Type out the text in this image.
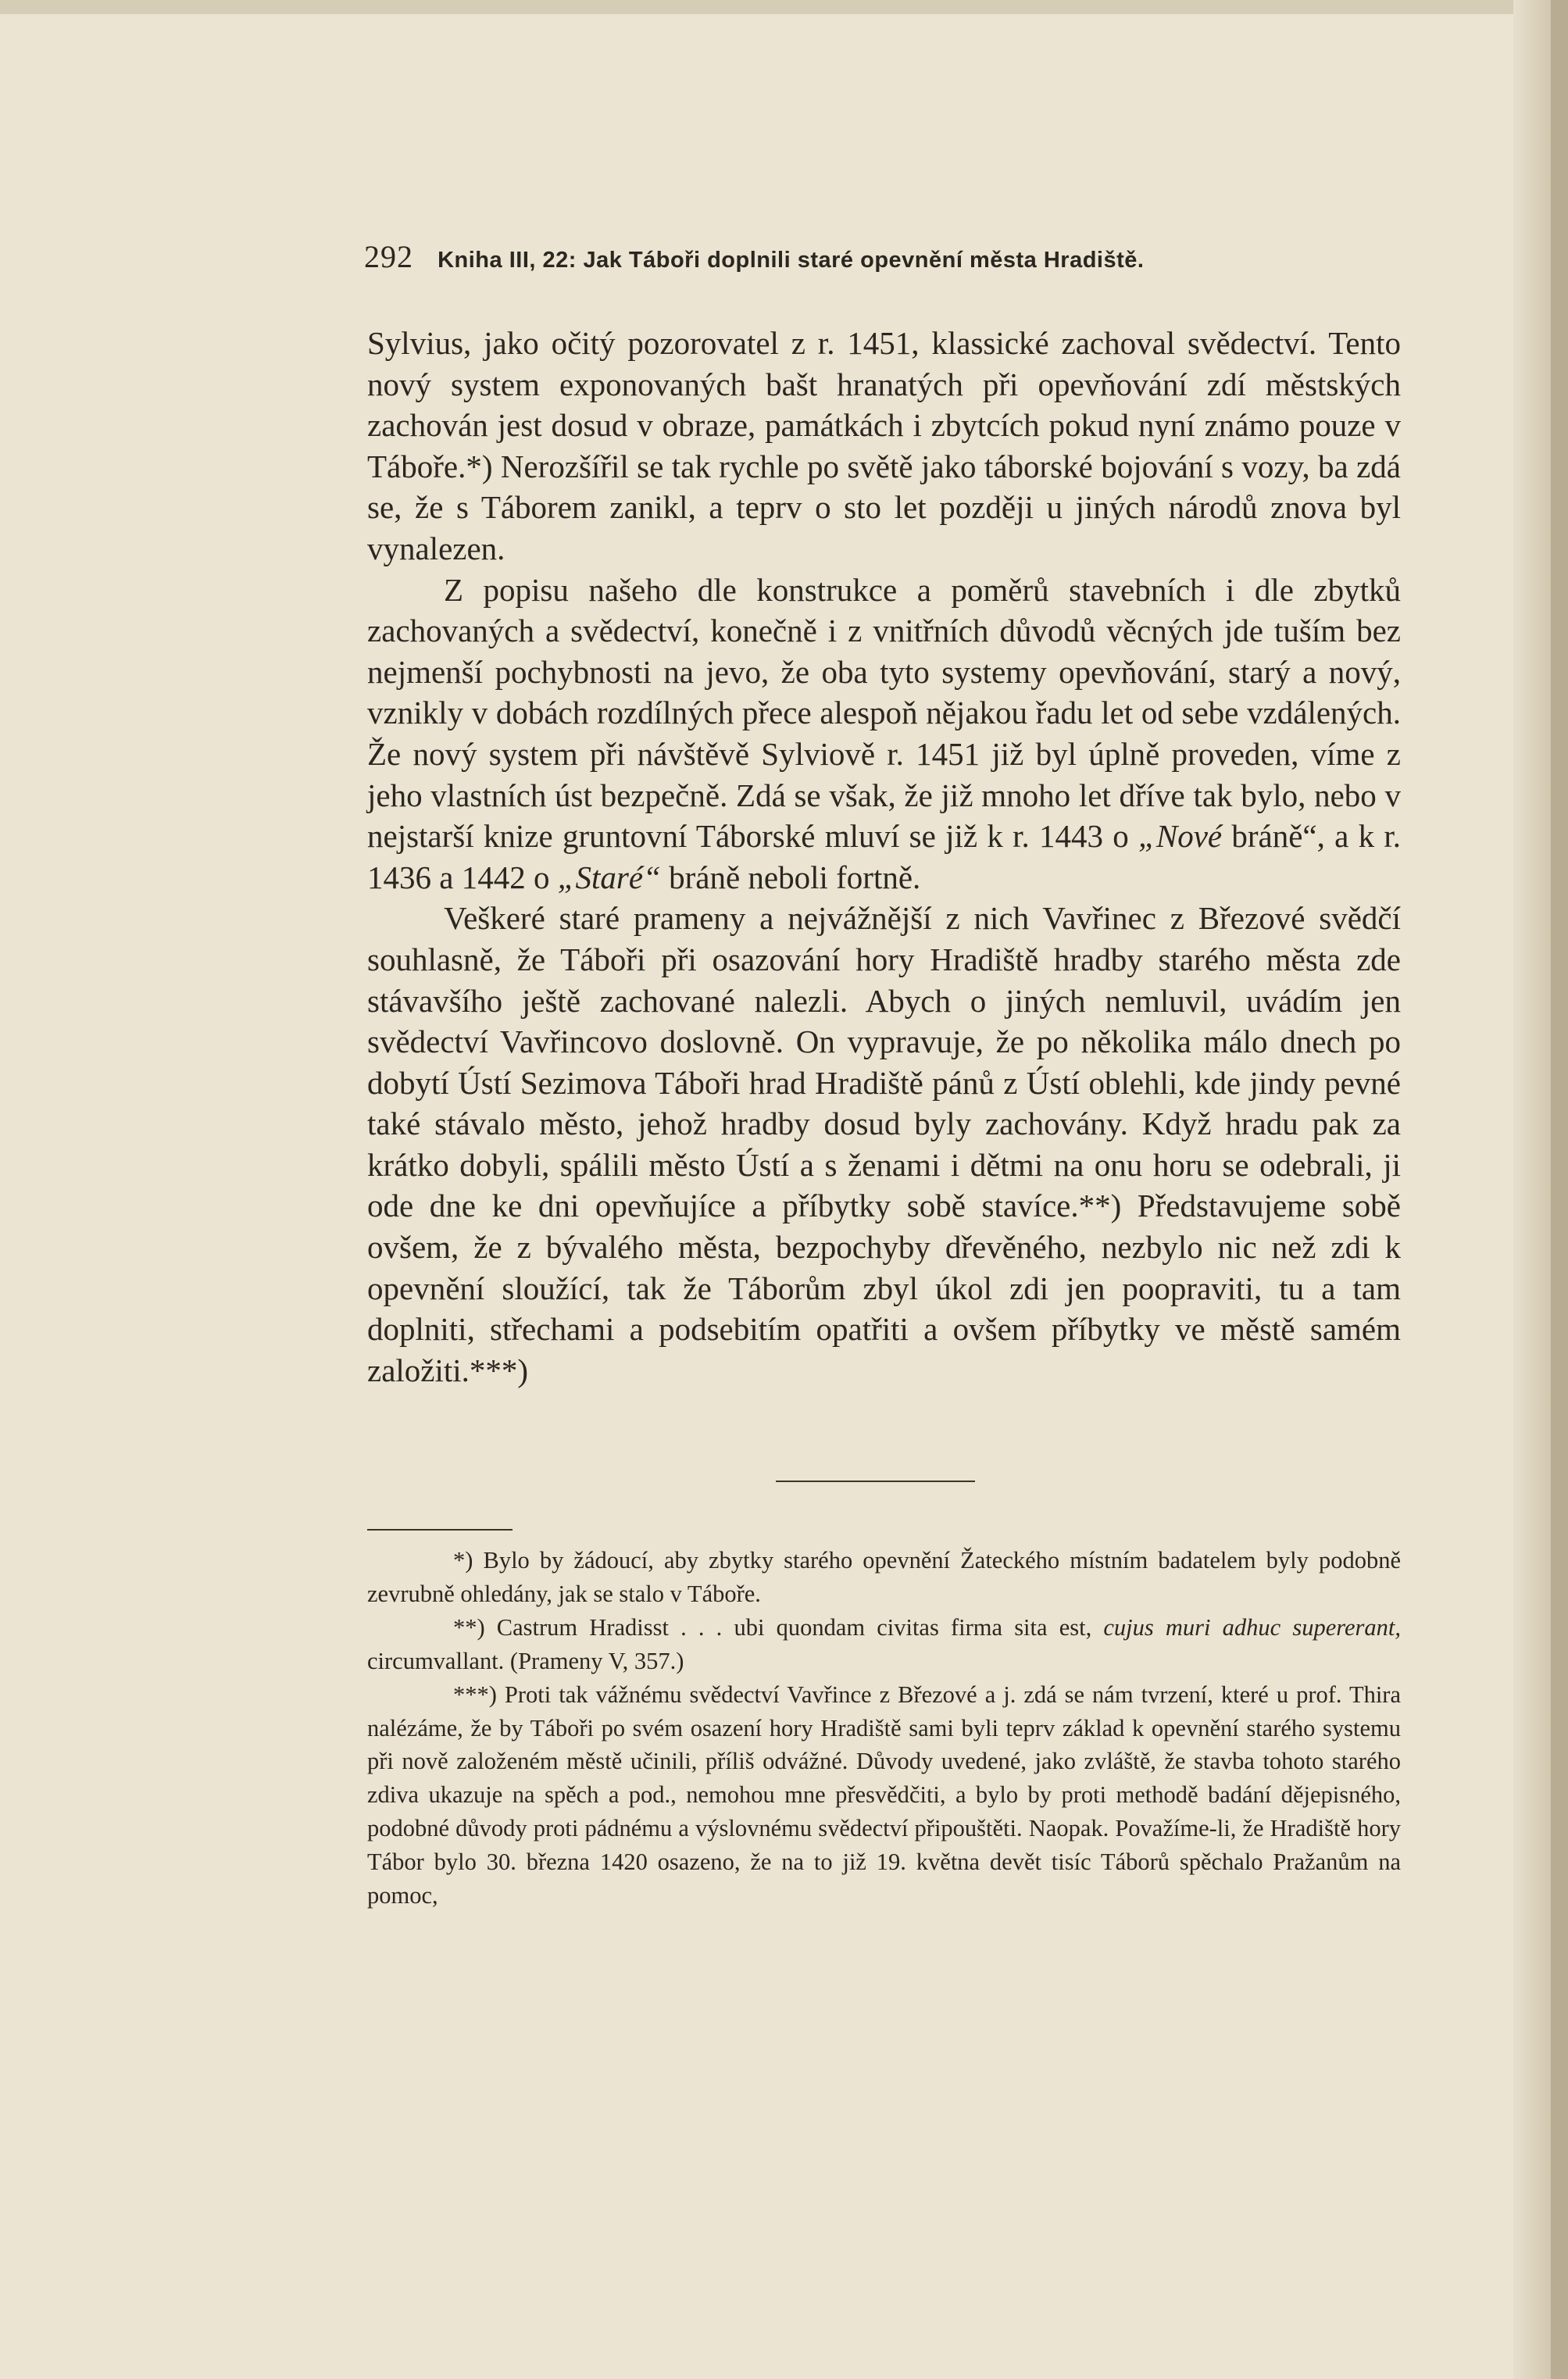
292 Kniha III, 22: Jak Táboři doplnili staré opevnění města Hradiště.

Sylvius, jako očitý pozorovatel z r. 1451, klassické zachoval svědectví. Tento nový system exponovaných bašt hranatých při opevňování zdí městských zachován jest dosud v obraze, památkách i zbytcích pokud nyní známo pouze v Táboře.*) Nerozšířil se tak rychle po světě jako táborské bojování s vozy, ba zdá se, že s Táborem zanikl, a teprv o sto let později u jiných národů znova byl vynalezen.

Z popisu našeho dle konstrukce a poměrů stavebních i dle zbytků zachovaných a svědectví, konečně i z vnitřních důvodů věcných jde tuším bez nejmenší pochybnosti na jevo, že oba tyto systemy opevňování, starý a nový, vznikly v dobách rozdílných přece alespoň nějakou řadu let od sebe vzdálených. Že nový system při návštěvě Sylviově r. 1451 již byl úplně proveden, víme z jeho vlastních úst bezpečně. Zdá se však, že již mnoho let dříve tak bylo, nebo v nejstarší knize gruntovní Táborské mluví se již k r. 1443 o „Nové bráně“, a k r. 1436 a 1442 o „Staré“ bráně neboli fortně.

Veškeré staré prameny a nejvážnější z nich Vavřinec z Březové svědčí souhlasně, že Táboři při osazování hory Hradiště hradby starého města zde stávavšího ještě zachované nalezli. Abych o jiných nemluvil, uvádím jen svědectví Vavřincovo doslovně. On vypravuje, že po několika málo dnech po dobytí Ústí Sezimova Táboři hrad Hradiště pánů z Ústí oblehli, kde jindy pevné také stávalo město, jehož hradby dosud byly zachovány. Když hradu pak za krátko dobyli, spálili město Ústí a s ženami i dětmi na onu horu se odebrali, ji ode dne ke dni opevňujíce a příbytky sobě stavíce.**) Představujeme sobě ovšem, že z bývalého města, bezpochyby dřevěného, nezbylo nic než zdi k opevnění sloužící, tak že Táborům zbyl úkol zdi jen poopraviti, tu a tam doplniti, střechami a podsebitím opatřiti a ovšem příbytky ve městě samém založiti.***)

*) Bylo by žádoucí, aby zbytky starého opevnění Žateckého místním badatelem byly podobně zevrubně ohledány, jak se stalo v Táboře.

**) Castrum Hradisst . . . ubi quondam civitas firma sita est, cujus muri adhuc supererant, circumvallant. (Prameny V, 357.)

***) Proti tak vážnému svědectví Vavřince z Březové a j. zdá se nám tvrzení, které u prof. Thira nalézáme, že by Táboři po svém osazení hory Hradiště sami byli teprv základ k opevnění starého systemu při nově založeném městě učinili, příliš odvážné. Důvody uvedené, jako zvláště, že stavba tohoto starého zdiva ukazuje na spěch a pod., nemohou mne přesvědčiti, a bylo by proti methodě badání dějepisného, podobné důvody proti pádnému a výslovnému svědectví připouštěti. Naopak. Považíme-li, že Hradiště hory Tábor bylo 30. března 1420 osazeno, že na to již 19. května devět tisíc Táborů spěchalo Pražanům na pomoc,
